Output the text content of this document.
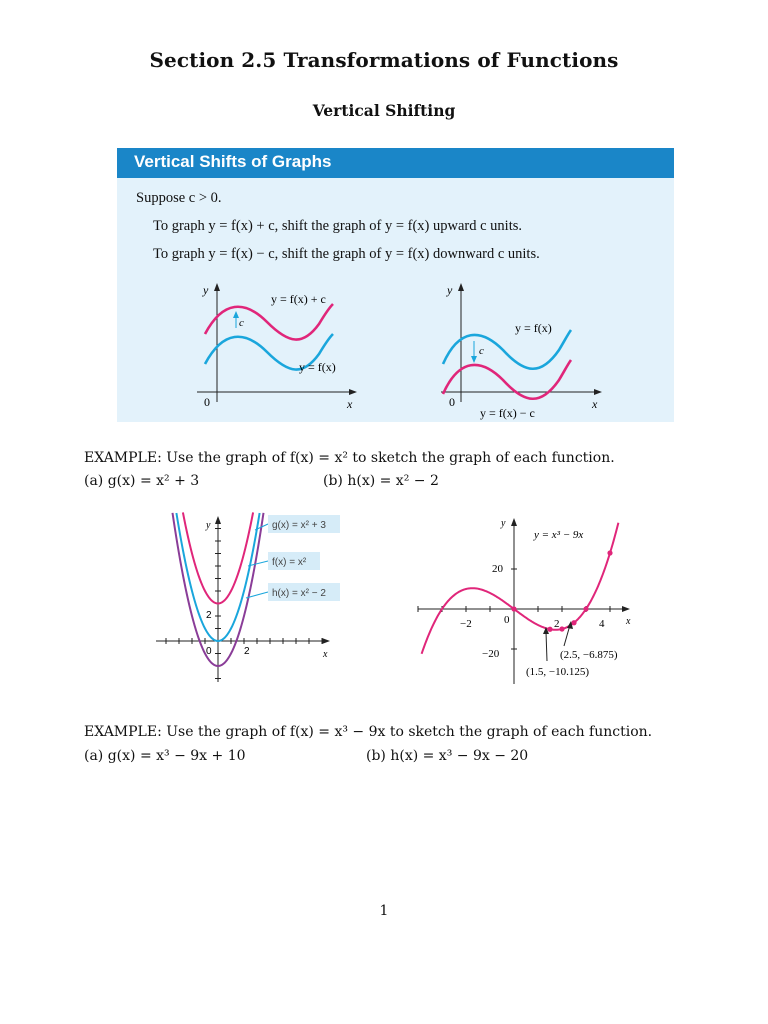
Section 2.5 Transformations of Functions
Vertical Shifting
Vertical Shifts of Graphs
Suppose c > 0.
To graph y = f(x) + c, shift the graph of y = f(x) upward c units.
To graph y = f(x) − c, shift the graph of y = f(x) downward c units.
c
y
x
0
y = f(x) + c
y = f(x)
c
y
x
0
y = f(x)
y = f(x) − c
EXAMPLE: Use the graph of f(x) = x² to sketch the graph of each function.
(a) g(x) = x² + 3	(b) h(x) = x² − 2
y
x
0	2
2
g(x) = x² + 3
f(x) = x²
h(x) = x² − 2
y
x
y = x³ − 9x
−2	0	2	4
20
−20	(2.5, −6.875)
(1.5, −10.125)
EXAMPLE: Use the graph of f(x) = x³ − 9x to sketch the graph of each function.
(a) g(x) = x³ − 9x + 10	(b) h(x) = x³ − 9x − 20
1
